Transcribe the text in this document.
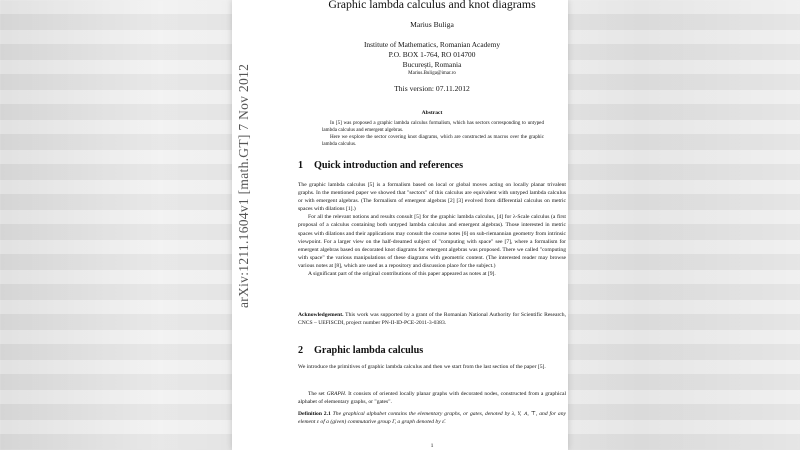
arXiv:1211.1604v1 [math.GT] 7 Nov 2012
Graphic lambda calculus and knot diagrams
Marius Buliga
Institute of Mathematics, Romanian Academy
P.O. BOX 1-764, RO 014700
București, Romania
Marius.Buliga@imar.ro
This version: 07.11.2012
Abstract

In [5] was proposed a graphic lambda calculus formalism, which has sectors corresponding to untyped lambda calculus and emergent algebras.

Here we explore the sector covering knot diagrams, which are constructed as macros over the graphic lambda calculus.

1 Quick introduction and references

The graphic lambda calculus [5] is a formalism based on local or global moves acting on locally planar trivalent graphs. In the mentioned paper we showed that "sectors" of this calculus are equivalent with untyped lambda calculus or with emergent algebras. (The formalism of emergent algebras [2] [3] evolved from differential calculus on metric spaces with dilations [1].)

For all the relevant notions and results consult [5] for the graphic lambda calculus, [4] for λ-Scale calculus (a first proposal of a calculus containing both untyped lambda calculus and emergent algebras). Those interested in metric spaces with dilations and their applications may consult the course notes [6] on sub-riemannian geometry from intrinsic viewpoint. For a larger view on the half-dreamed subject of "computing with space" see [7], where a formalism for emergent algebras based on decorated knot diagrams for emergent algebras was proposed. There we called "computing with space" the various manipulations of these diagrams with geometric content. (The interested reader may browse various notes at [8], which are used as a repository and discussion place for the subject.)

A significant part of the original contributions of this paper appeared as notes at [9].

Acknowledgement. This work was supported by a grant of the Romanian National Authority for Scientific Research, CNCS – UEFISCDI, project number PN-II-ID-PCE-2011-3-0383.
2 Graphic lambda calculus

We introduce the primitives of graphic lambda calculus and then we start from the last section of the paper [5].

The set GRAPH. It consists of oriented locally planar graphs with decorated nodes, constructed from a graphical alphabet of elementary graphs, or "gates".
Definition 2.1 The graphical alphabet contains the elementary graphs, or gates, denoted by λ, Υ, ⋏, ⊤, and for any element ε of a (given) commutative group Γ, a graph denoted by ε̄.
1
